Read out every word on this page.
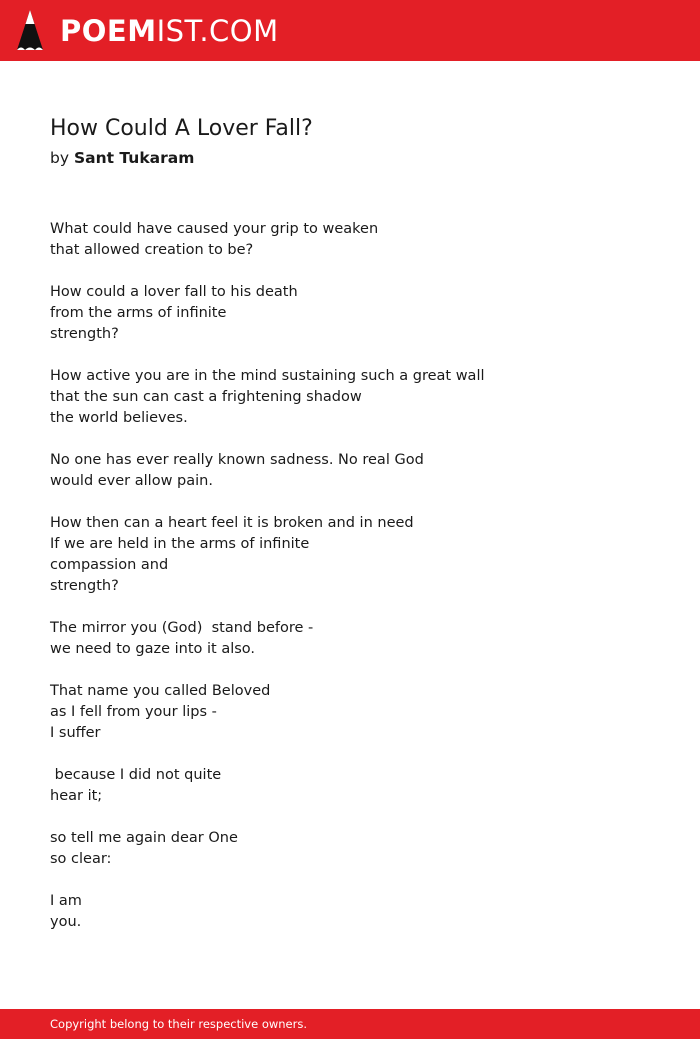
POEMIST.COM
How Could A Lover Fall?

by Sant Tukaram

What could have caused your grip to weaken
that allowed creation to be?
How could a lover fall to his death
from the arms of infinite
strength?
How active you are in the mind sustaining such a great wall
that the sun can cast a frightening shadow
the world believes.
No one has ever really known sadness. No real God
would ever allow pain.
How then can a heart feel it is broken and in need
If we are held in the arms of infinite
compassion and
strength?
The mirror you (God)  stand before -
we need to gaze into it also.
That name you called Beloved
as I fell from your lips -
I suffer
because I did not quite
hear it;
so tell me again dear One
so clear:
I am
you.
Copyright belong to their respective owners.
